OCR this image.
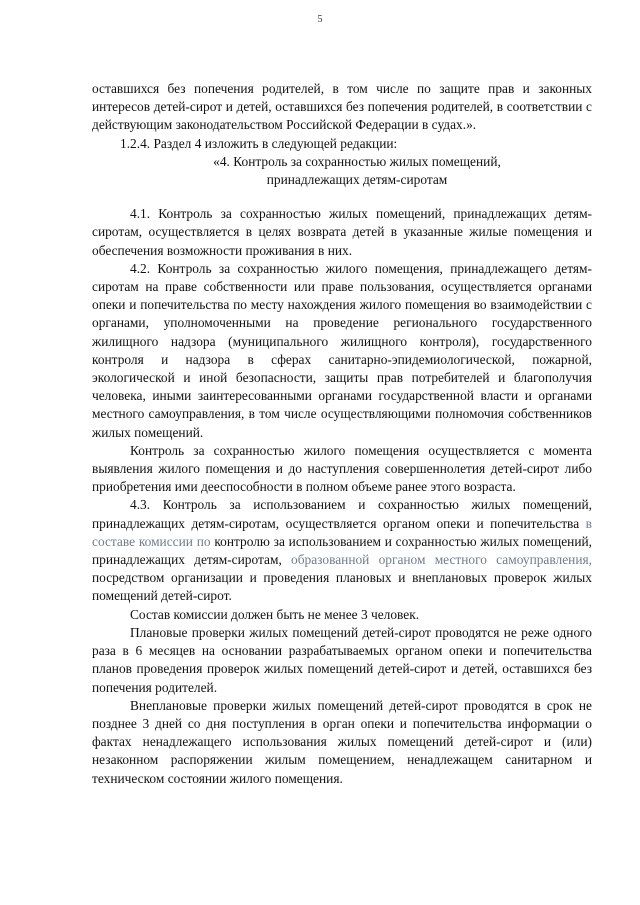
5

оставшихся без попечения родителей, в том числе по защите прав и законных интересов детей-сирот и детей, оставшихся без попечения родителей, в соответствии с действующим законодательством Российской Федерации в судах.».

1.2.4. Раздел 4 изложить в следующей редакции:

«4. Контроль за сохранностью жилых помещений,
принадлежащих детям-сиротам

4.1. Контроль за сохранностью жилых помещений, принадлежащих детям-сиротам, осуществляется в целях возврата детей в указанные жилые помещения и обеспечения возможности проживания в них.

4.2. Контроль за сохранностью жилого помещения, принадлежащего детям-сиротам на праве собственности или праве пользования, осуществляется органами опеки и попечительства по месту нахождения жилого помещения во взаимодействии с органами, уполномоченными на проведение регионального государственного жилищного надзора (муниципального жилищного контроля), государственного контроля и надзора в сферах санитарно-эпидемиологической, пожарной, экологической и иной безопасности, защиты прав потребителей и благополучия человека, иными заинтересованными органами государственной власти и органами местного самоуправления, в том числе осуществляющими полномочия собственников жилых помещений.

Контроль за сохранностью жилого помещения осуществляется с момента выявления жилого помещения и до наступления совершеннолетия детей-сирот либо приобретения ими дееспособности в полном объеме ранее этого возраста.

4.3. Контроль за использованием и сохранностью жилых помещений, принадлежащих детям-сиротам, осуществляется органом опеки и попечительства в составе комиссии по контролю за использованием и сохранностью жилых помещений, принадлежащих детям-сиротам, образованной органом местного самоуправления, посредством организации и проведения плановых и внеплановых проверок жилых помещений детей-сирот.

Состав комиссии должен быть не менее 3 человек.

Плановые проверки жилых помещений детей-сирот проводятся не реже одного раза в 6 месяцев на основании разрабатываемых органом опеки и попечительства планов проведения проверок жилых помещений детей-сирот и детей, оставшихся без попечения родителей.

Внеплановые проверки жилых помещений детей-сирот проводятся в срок не позднее 3 дней со дня поступления в орган опеки и попечительства информации о фактах ненадлежащего использования жилых помещений детей-сирот и (или) незаконном распоряжении жилым помещением, ненадлежащем санитарном и техническом состоянии жилого помещения.
